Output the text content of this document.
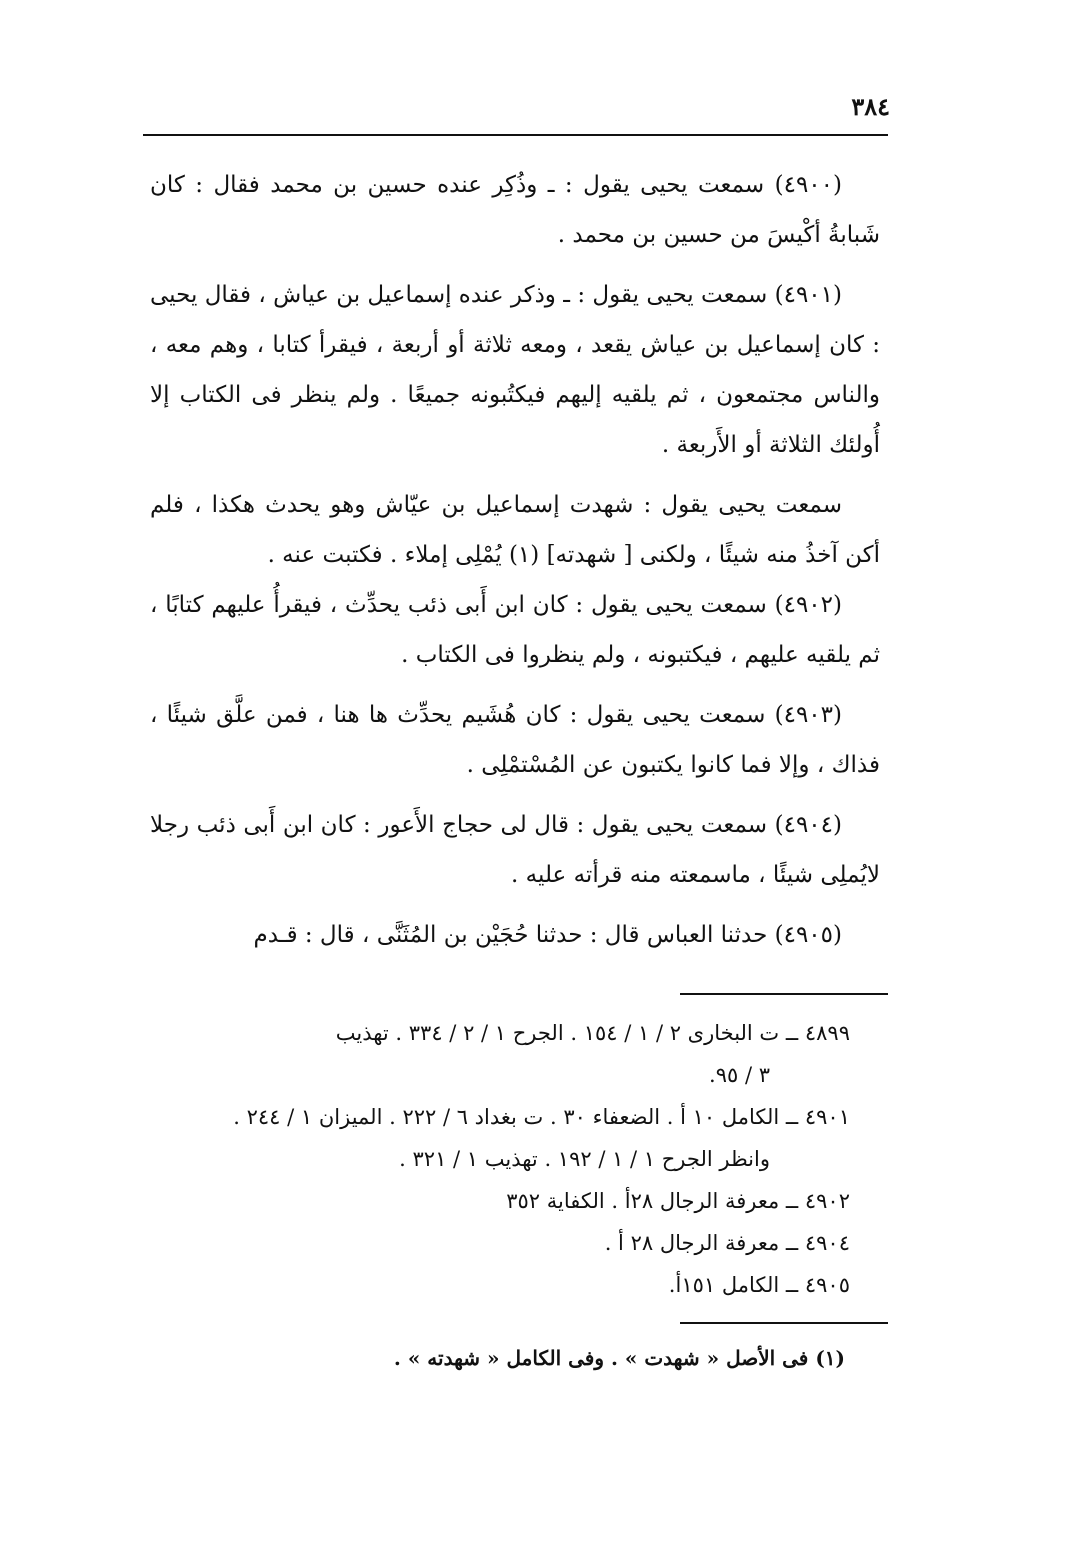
٣٨٤

(٤٩٠٠) سمعت يحيى يقول : ـ وذُكِر عنده حسين بن محمد فقال : كان شَبابةُ أكْيسَ من حسين بن محمد .

(٤٩٠١) سمعت يحيى يقول : ـ وذكر عنده إسماعيل بن عياش ، فقال يحيى : كان إسماعيل بن عياش يقعد ، ومعه ثلاثة أو أربعة ، فيقرأ كتابا ، وهم معه ، والناس مجتمعون ، ثم يلقيه إليهم فيكتُبونه جميعًا . ولم ينظر فى الكتاب إلا أُولئك الثلاثة أو الأَربعة .

سمعت يحيى يقول : شهدت إسماعيل بن عيّاش وهو يحدث هكذا ، فلم أكن آخذُ منه شيئًا ، ولكنى [ شهدته] (١) يُمْلِى إملاء . فكتبت عنه .

(٤٩٠٢) سمعت يحيى يقول : كان ابن أَبى ذئب يحدِّث ، فيقرأُ عليهم كتابًا ، ثم يلقيه عليهم ، فيكتبونه ، ولم ينظروا فى الكتاب .

(٤٩٠٣) سمعت يحيى يقول : كان هُشَيم يحدِّث ها هنا ، فمن علَّق شيئًا ، فذاك ، وإلا فما كانوا يكتبون عن المُسْتمْلِى .

(٤٩٠٤) سمعت يحيى يقول : قال لى حجاج الأَعور : كان ابن أَبى ذئب رجلا لايُملِى شيئًا ، ماسمعته منه قرأته عليه .

(٤٩٠٥) حدثنا العباس قال : حدثنا حُجَيْن بن المُثَنَّى ، قال : قـدم

٤٨٩٩ ــ ت البخارى ٢ / ١ / ١٥٤ . الجرح ١ / ٢ / ٣٣٤ . تهذيب

٣ / ٩٥.

٤٩٠١ ــ الكامل ١٠ أ . الضعفاء ٣٠ . ت بغداد ٦ / ٢٢٢ . الميزان ١ / ٢٤٤ .

وانظر الجرح ١ / ١ / ١٩٢ . تهذيب ١ / ٣٢١ .

٤٩٠٢ ــ معرفة الرجال ٢٨أ . الكفاية ٣٥٢

٤٩٠٤ ــ معرفة الرجال ٢٨ أ .

٤٩٠٥ ــ الكامل ١٥١أ.

(١) فى الأصل « شهدت » . وفى الكامل « شهدته » .
